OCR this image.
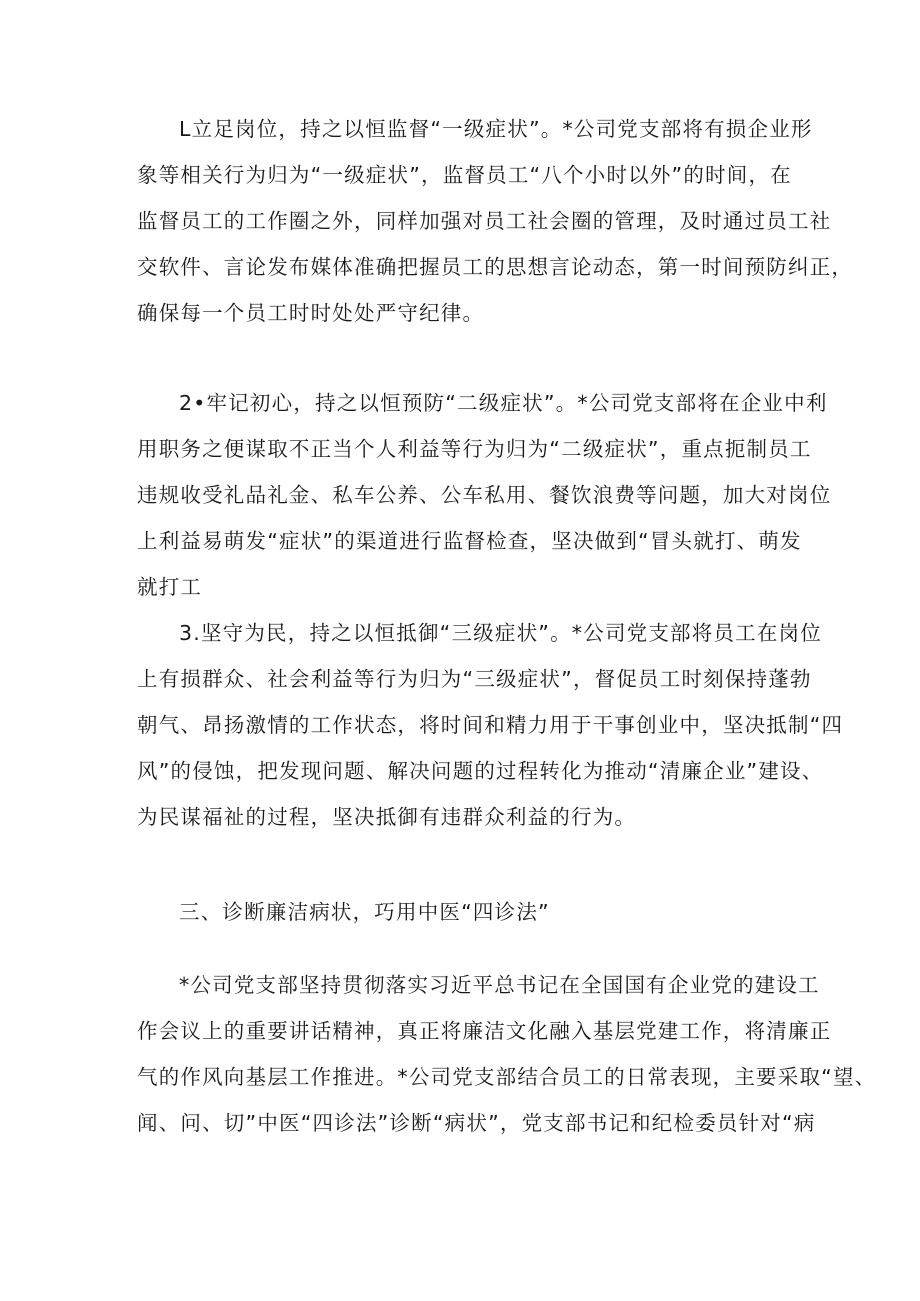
L立足岗位，持之以恒监督“一级症状”。*公司党支部将有损企业形
象等相关行为归为“一级症状”，监督员工“八个小时以外”的时间，在
监督员工的工作圈之外，同样加强对员工社会圈的管理，及时通过员工社
交软件、言论发布媒体准确把握员工的思想言论动态，第一时间预防纠正，
确保每一个员工时时处处严守纪律。
2•牢记初心，持之以恒预防“二级症状”。*公司党支部将在企业中利
用职务之便谋取不正当个人利益等行为归为“二级症状”，重点扼制员工
违规收受礼品礼金、私车公养、公车私用、餐饮浪费等问题，加大对岗位
上利益易萌发“症状”的渠道进行监督检查，坚决做到“冒头就打、萌发
就打工
3.坚守为民，持之以恒抵御“三级症状”。*公司党支部将员工在岗位
上有损群众、社会利益等行为归为“三级症状”，督促员工时刻保持蓬勃
朝气、昂扬激情的工作状态，将时间和精力用于干事创业中，坚决抵制“四
风”的侵蚀，把发现问题、解决问题的过程转化为推动“清廉企业”建设、
为民谋福祉的过程，坚决抵御有违群众利益的行为。
三、诊断廉洁病状，巧用中医“四诊法”
*公司党支部坚持贯彻落实习近平总书记在全国国有企业党的建设工
作会议上的重要讲话精神，真正将廉洁文化融入基层党建工作，将清廉正
气的作风向基层工作推进。*公司党支部结合员工的日常表现，主要采取“望、
闻、问、切”中医“四诊法”诊断“病状”，党支部书记和纪检委员针对“病
